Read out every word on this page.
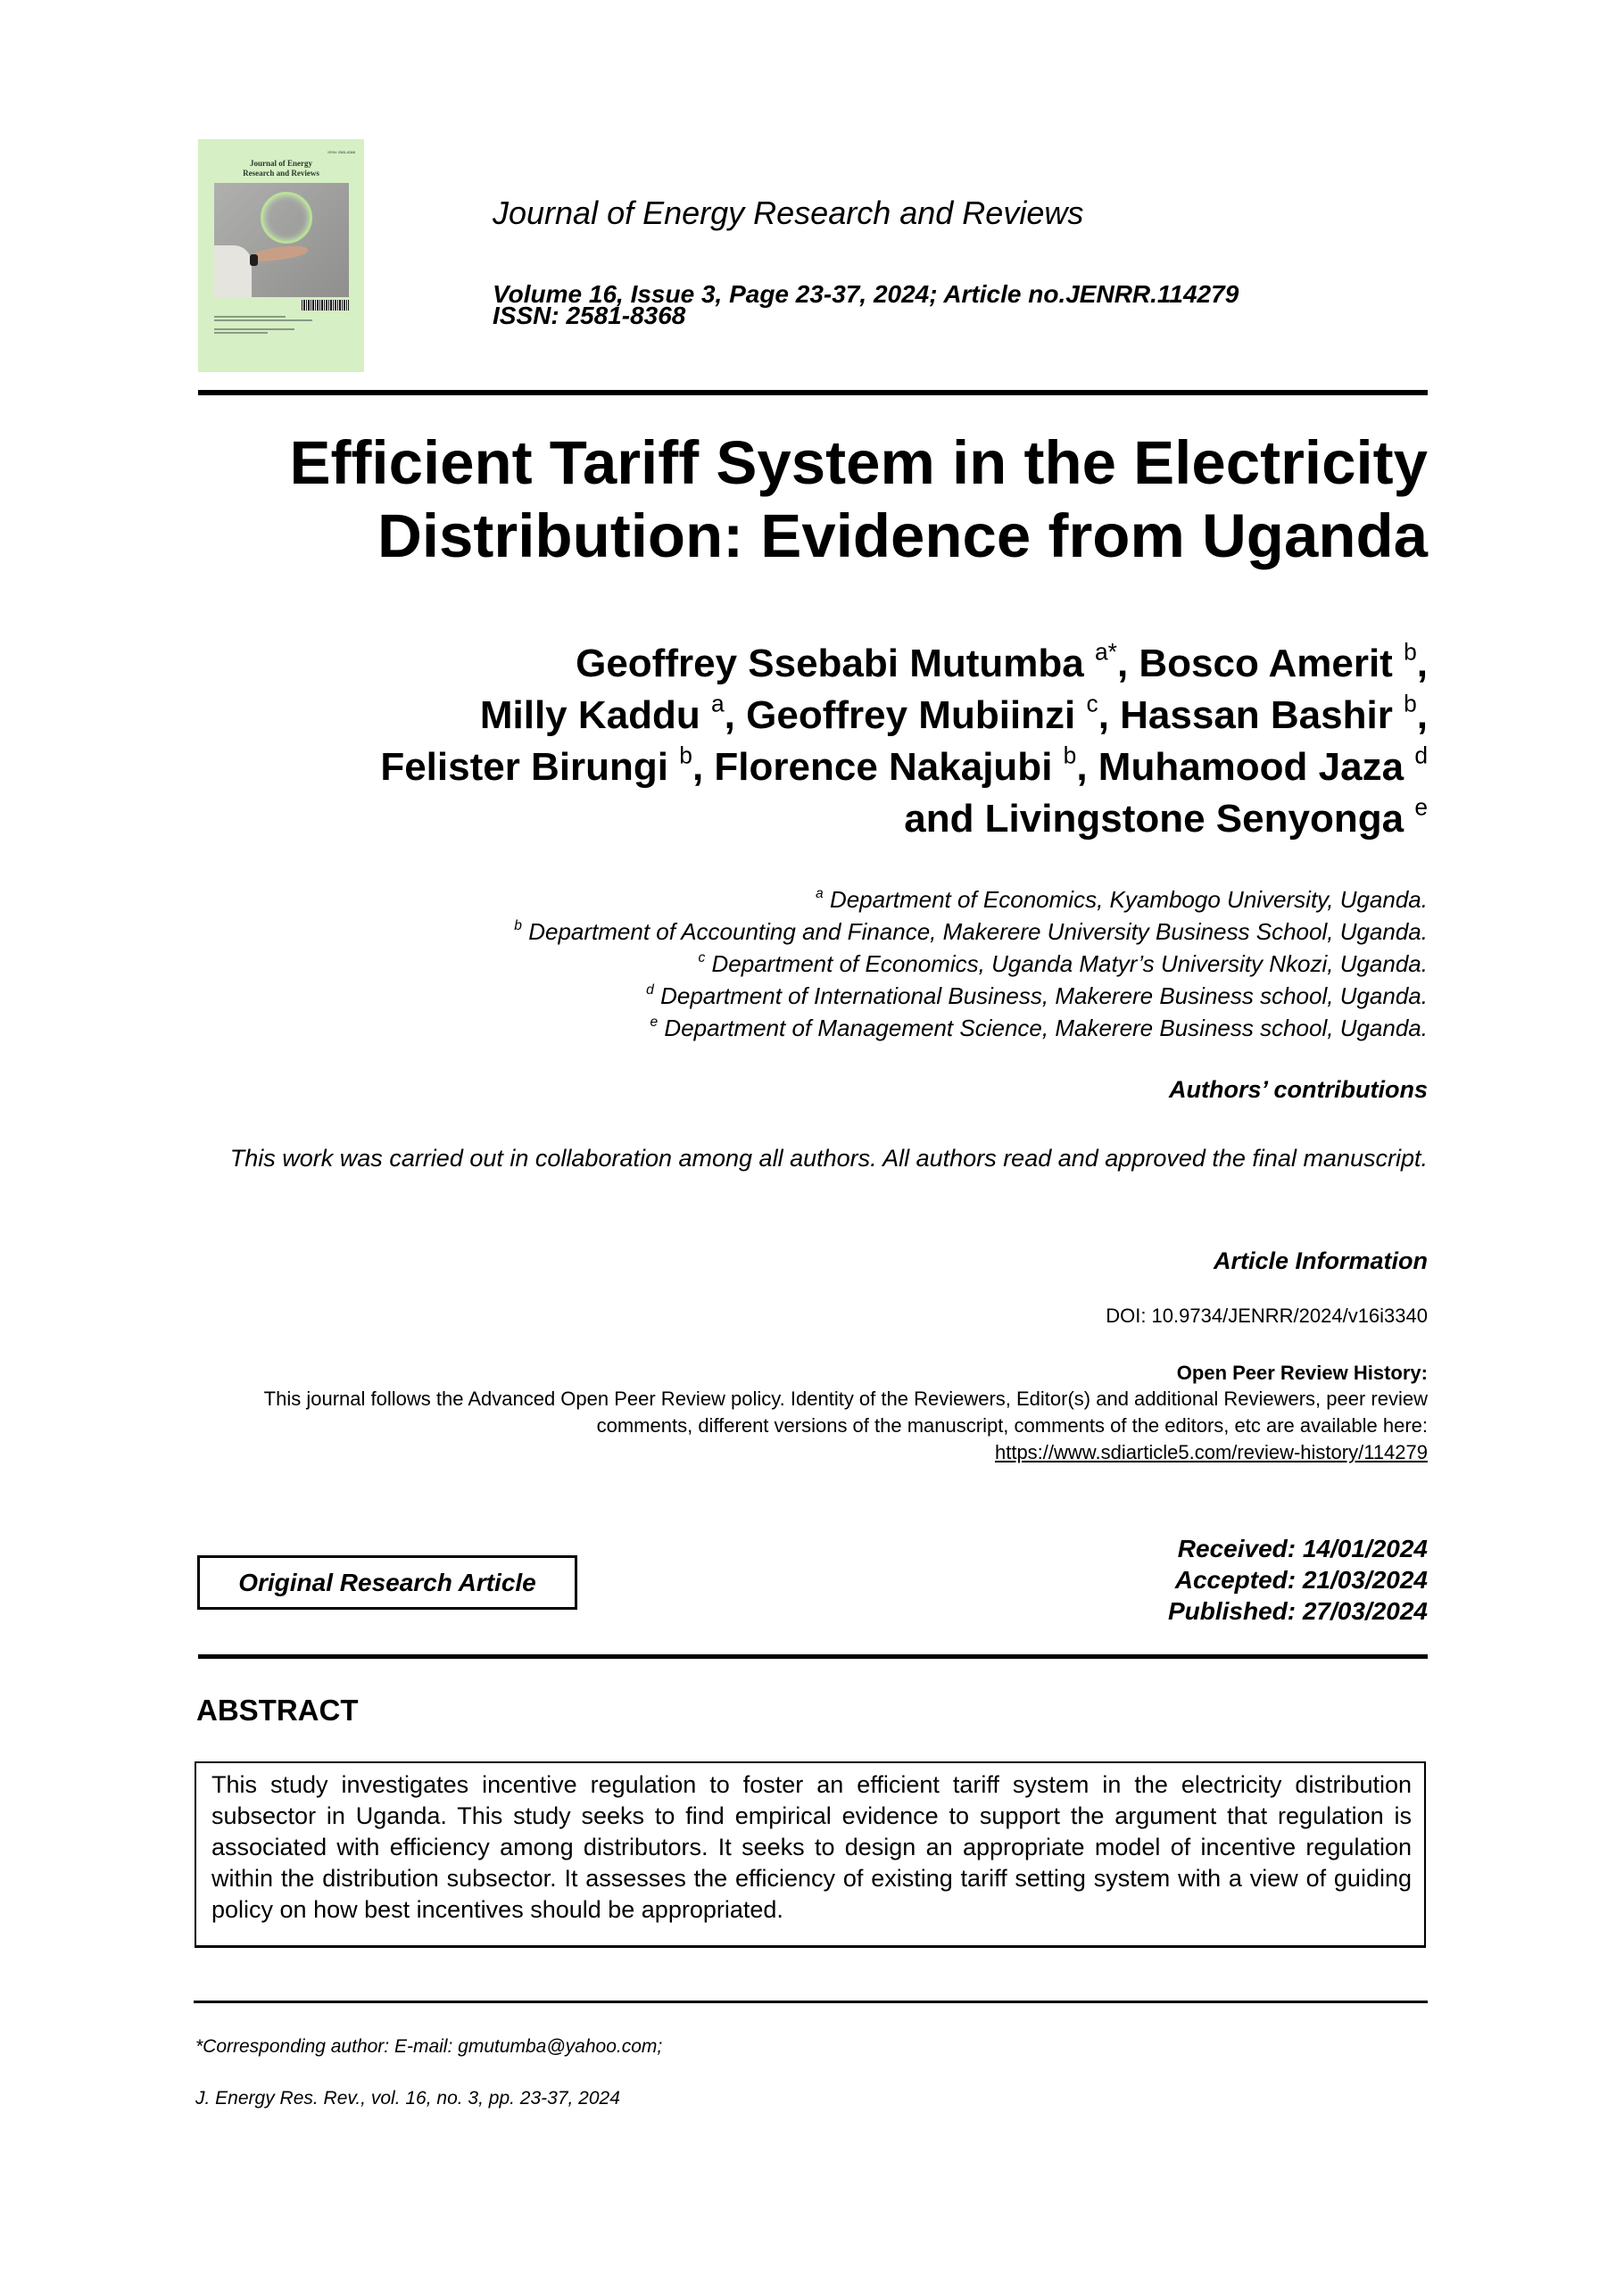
ISSN: 2581-8368
Journal of Energy
Research and Reviews
Journal of Energy Research and Reviews
Volume 16, Issue 3, Page 23-37, 2024; Article no.JENRR.114279
ISSN: 2581-8368
Efficient Tariff System in the Electricity
Distribution: Evidence from Uganda
Geoffrey Ssebabi Mutumba $^{a*}$, Bosco Amerit $^b$,
Milly Kaddu $^a$, Geoffrey Mubiinzi $^c$, Hassan Bashir $^b$,
Felister Birungi $^b$, Florence Nakajubi $^b$, Muhamood Jaza $^d$
and Livingstone Senyonga $^e$
$^a$ Department of Economics, Kyambogo University, Uganda.
$^b$ Department of Accounting and Finance, Makerere University Business School, Uganda.
$^c$ Department of Economics, Uganda Matyr’s University Nkozi, Uganda.
$^d$ Department of International Business, Makerere Business school, Uganda.
$^e$ Department of Management Science, Makerere Business school, Uganda.
Authors’ contributions
This work was carried out in collaboration among all authors. All authors read and approved the final manuscript.
Article Information
DOI: 10.9734/JENRR/2024/v16i3340
Open Peer Review History:
This journal follows the Advanced Open Peer Review policy. Identity of the Reviewers, Editor(s) and additional Reviewers, peer review comments, different versions of the manuscript, comments of the editors, etc are available here:
https://www.sdiarticle5.com/review-history/114279
Received: 14/01/2024
Accepted: 21/03/2024
Published: 27/03/2024
Original Research Article
ABSTRACT
This study investigates incentive regulation to foster an efficient tariff system in the electricity distribution subsector in Uganda. This study seeks to find empirical evidence to support the argument that regulation is associated with efficiency among distributors. It seeks to design an appropriate model of incentive regulation within the distribution subsector. It assesses the efficiency of existing tariff setting system with a view of guiding policy on how best incentives should be appropriated.
*Corresponding author: E-mail: gmutumba@yahoo.com;
J. Energy Res. Rev., vol. 16, no. 3, pp. 23-37, 2024
